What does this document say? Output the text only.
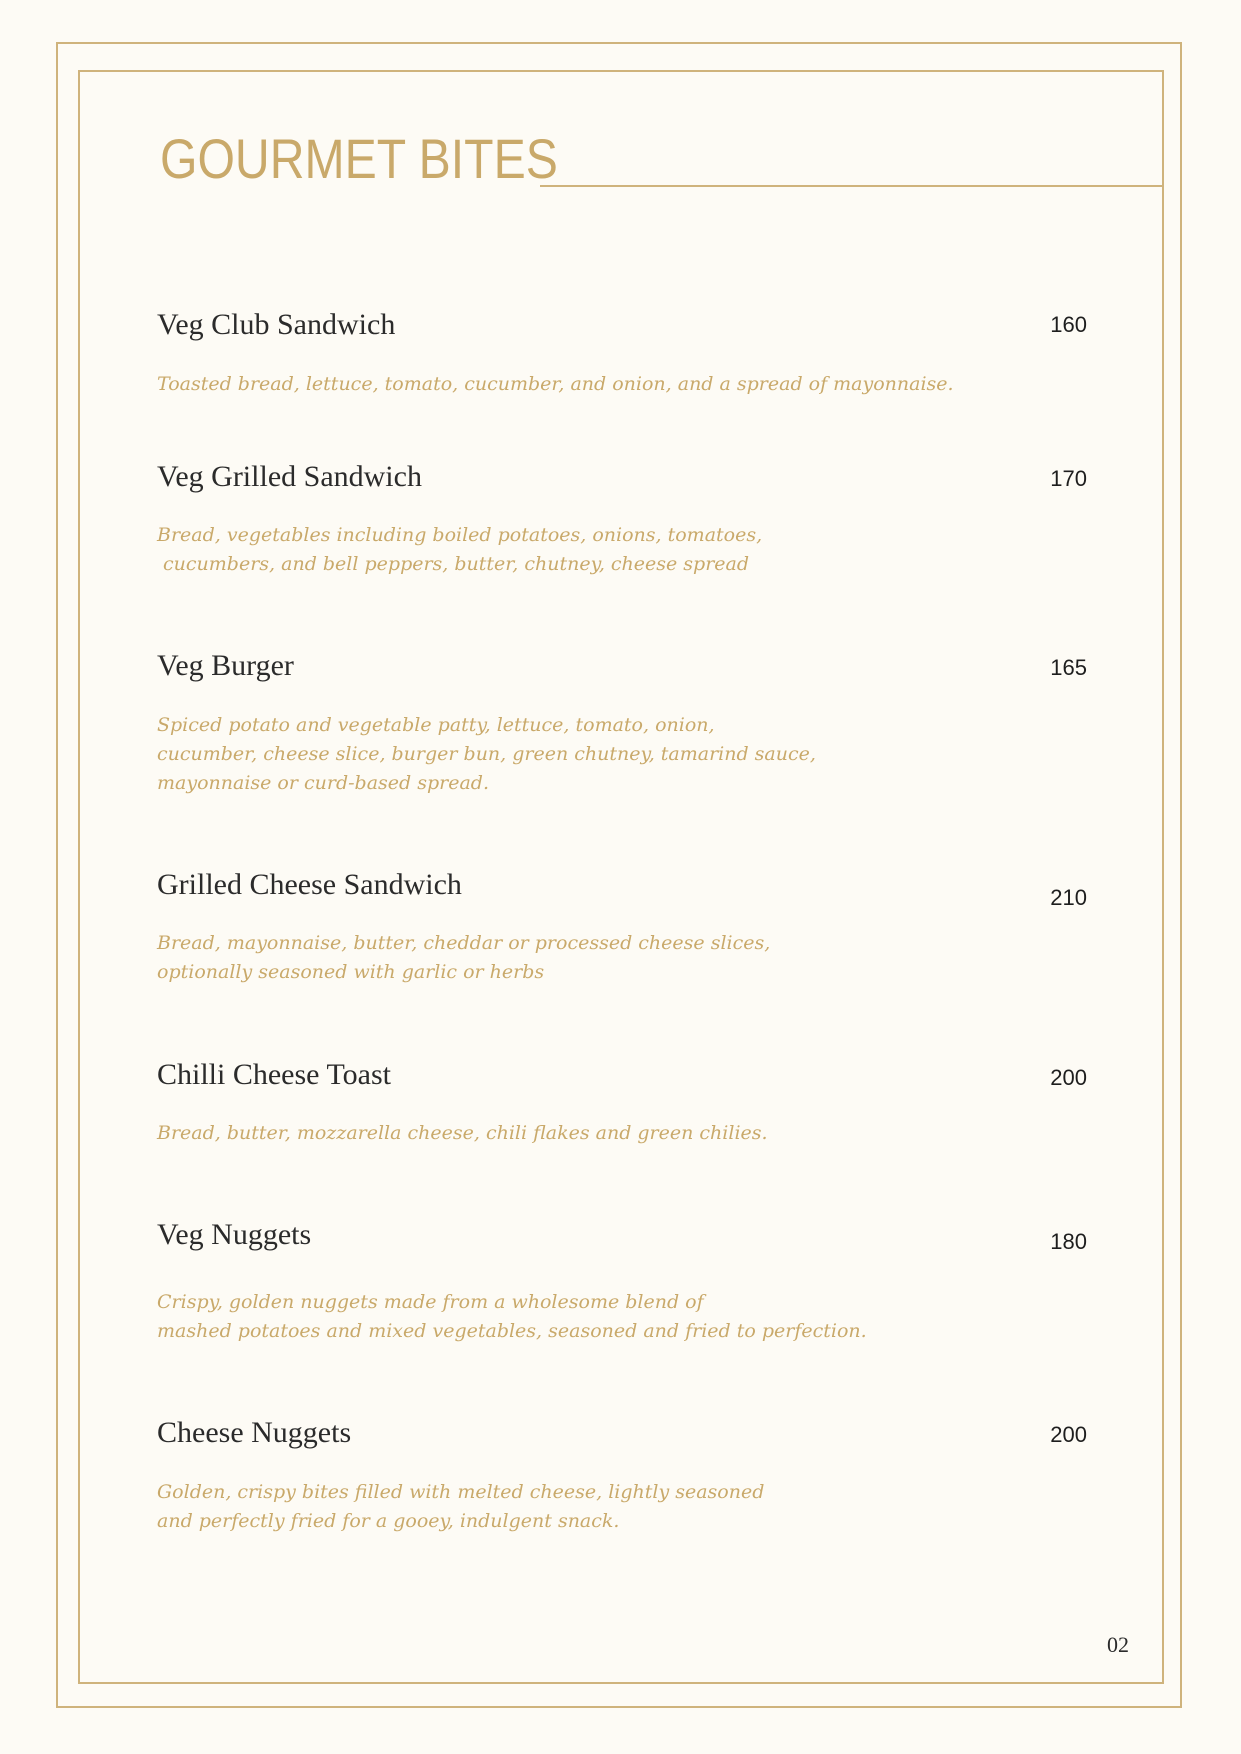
GOURMET BITES
Veg Club Sandwich	160
Toasted bread, lettuce, tomato, cucumber, and onion, and a spread of mayonnaise.
Veg Grilled Sandwich	170
Bread, vegetables including boiled potatoes, onions, tomatoes,
cucumbers, and bell peppers, butter, chutney, cheese spread
Veg Burger	165
Spiced potato and vegetable patty, lettuce, tomato, onion,
cucumber, cheese slice, burger bun, green chutney, tamarind sauce,
mayonnaise or curd-based spread.
Grilled Cheese Sandwich	210
Bread, mayonnaise, butter, cheddar or processed cheese slices,
optionally seasoned with garlic or herbs
Chilli Cheese Toast	200
Bread, butter, mozzarella cheese, chili flakes and green chilies.
Veg Nuggets	180
Crispy, golden nuggets made from a wholesome blend of
mashed potatoes and mixed vegetables, seasoned and fried to perfection.
Cheese Nuggets	200
Golden, crispy bites filled with melted cheese, lightly seasoned
and perfectly fried for a gooey, indulgent snack.
02
